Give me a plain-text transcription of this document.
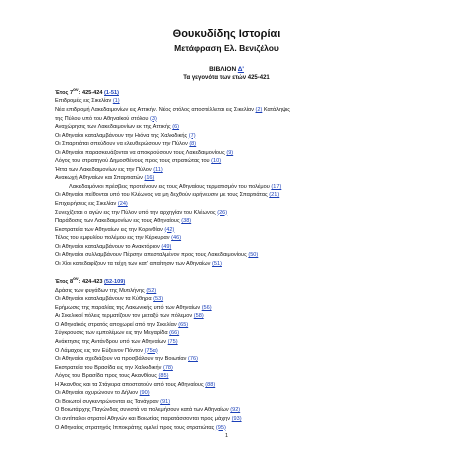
Θουκυδίδης Ιστορίαι
Μετάφραση Ελ. Βενιζέλου
ΒΙΒΛΙΟΝ Δ'
Τα γεγονότα των ετών 425-421
Έτος $7^{o\nu}$: 425-424 (1-51)
Επιδρομές εις Σικελίαν (1)
Νέα επιδρομή Λακεδαιμονίων εις Αττικήν. Νέος στόλος αποστέλλεται εις Σικελίαν (2) Κατάληψις
της Πύλου υπό του Αθηναϊκού στόλου (3)
Αναχώρησις των Λακεδαιμονίων εκ της Αττικής (6)
Οι Αθηναίοι καταλαμβάνουν την Ηιόνα της Χαλκιδικής (7)
Οι Σπαρτιάται σπεύδουν να ελευθερώσουν την Πύλον (8)
Οι Αθηναίοι παρασκευάζονται να αποκρούσουν τους Λακεδαιμονίους (9)
Λόγος του στρατηγού Δημοσθένους προς τους στρατιώτας του (10)
Ήττα των Λακεδαιμονίων εις την Πύλον (11)
Ανακωχή Αθηναίων και Σπαρτιατών (16)
Λακεδαιμόνιοι πρέσβεις προτείνουν εις τους Αθηναίους τερματισμόν του πολέμου (17)
Οι Αθηναίοι πείθονται υπό του Κλέωνος να μη δεχθούν ειρήνευσιν με τους Σπαρτιάτας (21)
Επιχειρήσεις εις Σικελίαν (24)
Συνεχίζεται ο αγών εις την Πύλον υπό την αρχηγίαν του Κλέωνος (26)
Παράδοσις των Λακεδαιμονίων εις τους Αθηναίους (38)
Εκστρατεία των Αθηναίων εις την Κορινθίαν (42)
Τέλος του εμφυλίου πολέμου εις την Κέρκυραν (46)
Οι Αθηναίοι καταλαμβάνουν το Ανακτόριον (49)
Οι Αθηναίοι συλλαμβάνουν Πέρσην απεσταλμένον προς τους Λακεδαιμονίους (50)
Οι Χίοι κατεδαφίζουν τα τείχη των κατ' απαίτησιν των Αθηναίων (51)
Έτος $8^{o\nu}$: 424-423 (52-109)
Δράσις των φυγάδων της Μυτιλήνης (52)
Οι Αθηναίοι καταλαμβάνουν τα Κύθηρα (53)
Ερήμωσις της παραλίας της Λακωνικής υπό των Αθηναίων (56)
Αι Σικελικοί πόλεις τερματίζουν τον μεταξύ των πόλεμον (58)
Ο Αθηναϊκός στρατός αποχωρεί από την Σικελίαν (65)
Σύγκρουσις των εμπολέμων εις την Μεγαρίδα (66)
Ανάκτησις της Αντάνδρου υπό των Αθηναίων (75)
Ο Λάμαχος εις τον Εύξεινον Πόντον (75α)
Οι Αθηναίοι σχεδιάζουν να προσβάλουν την Βοιωτίαν (76)
Εκστρατεία του Βρασίδα εις την Χαλκιδικήν (78)
Λόγος του Βρασίδα προς τους Ακανθίους (85)
Η Άκανθος και τα Στάγειρα αποστατούν από τους Αθηναίους (88)
Οι Αθηναίοι οχυρώνουν το Δήλιον (90)
Οι Βοιωτοί συγκεντρώνονται εις Τανάγραν (91)
Ο Βοιωτάρχης Παγώνδας συνιστά να πολεμήσουν κατά των Αθηναίων (92)
Οι αντίπαλοι στρατοί Αθηνών και Βοιωτίας παρατάσσονται προς μάχην (93)
Ο Αθηναίος στρατηγός Ιπποκράτης ομιλεί προς τους στρατιώτας (95)
1
